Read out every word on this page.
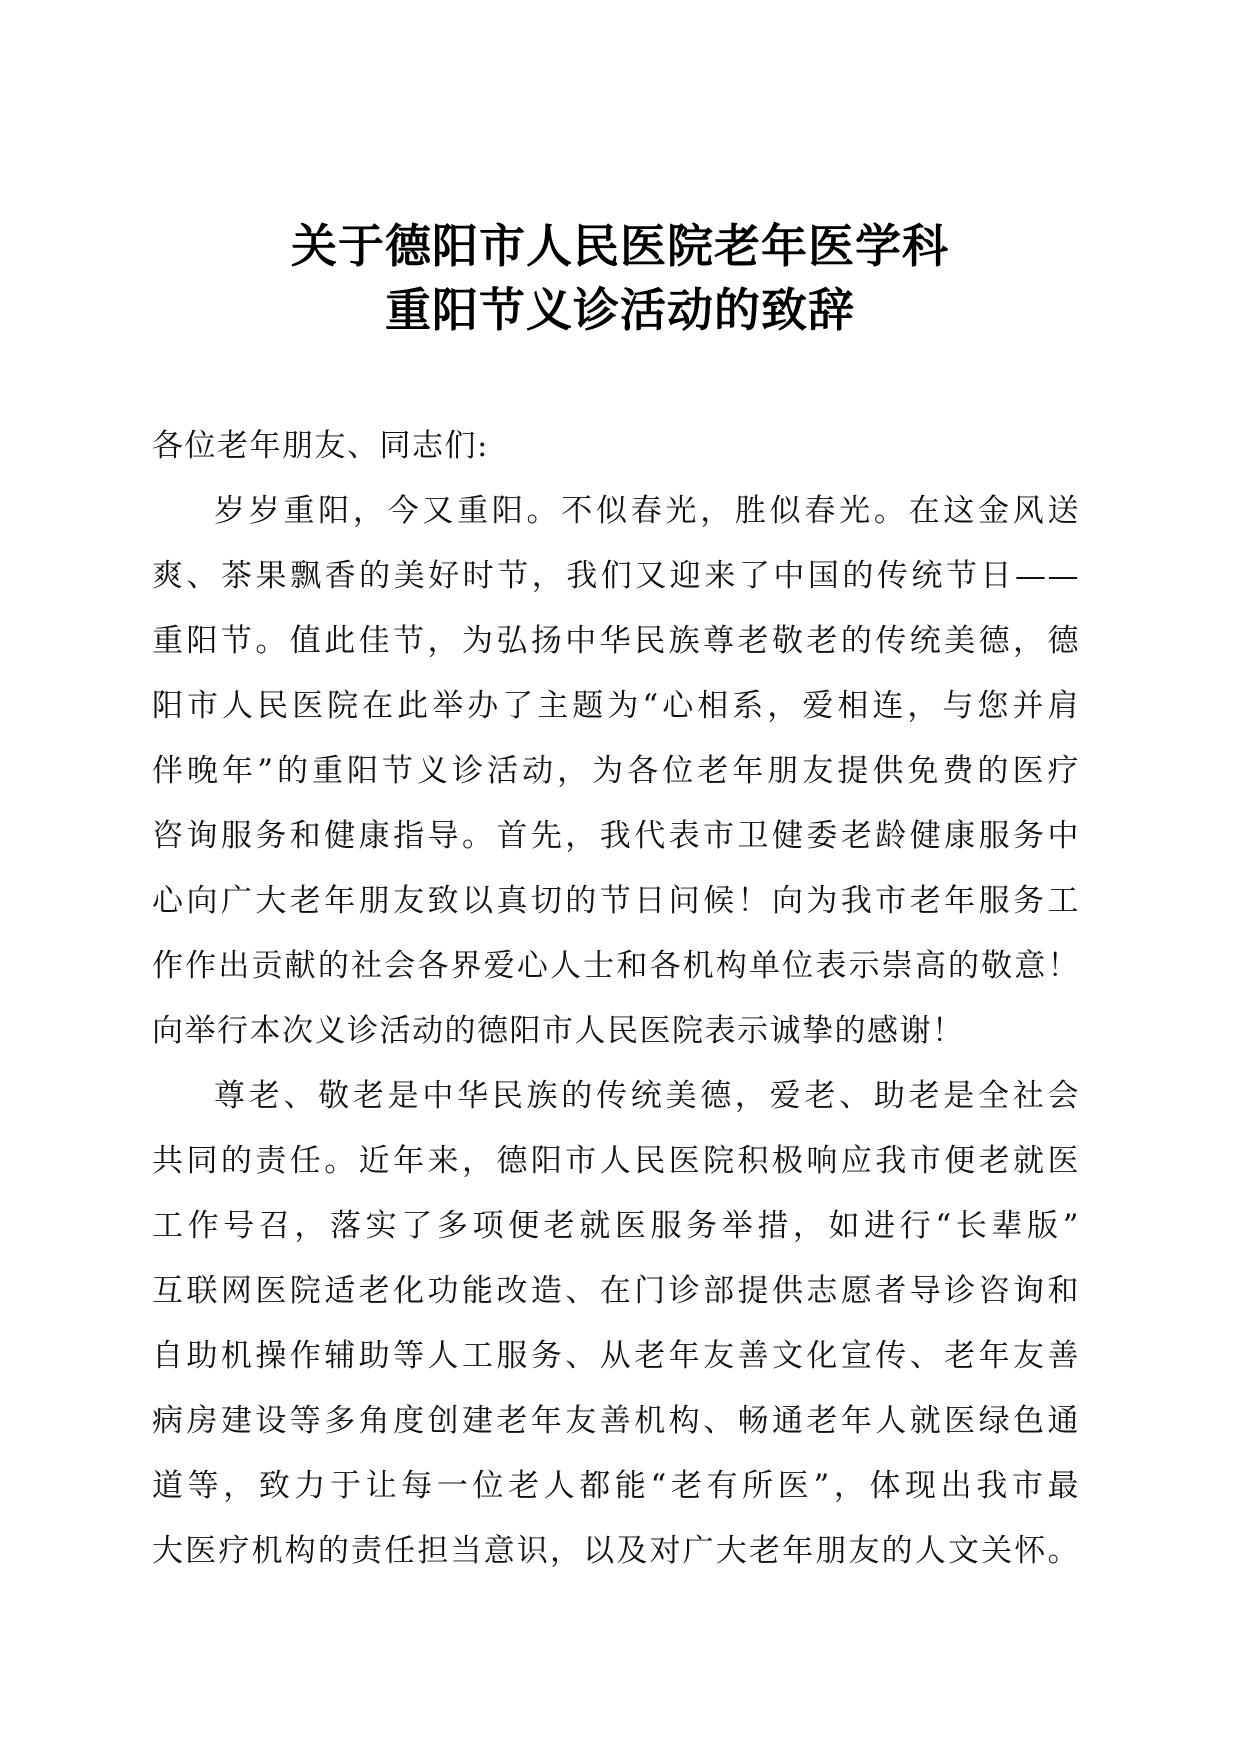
关于德阳市人民医院老年医学科
重阳节义诊活动的致辞
各位老年朋友、同志们:
岁岁重阳，今又重阳。不似春光，胜似春光。在这金风送
爽、茶果飘香的美好时节，我们又迎来了中国的传统节日——
重阳节。值此佳节，为弘扬中华民族尊老敬老的传统美德，德
阳市人民医院在此举办了主题为“心相系，爱相连，与您并肩
伴晚年”的重阳节义诊活动，为各位老年朋友提供免费的医疗
咨询服务和健康指导。首先，我代表市卫健委老龄健康服务中
心向广大老年朋友致以真切的节日问候！向为我市老年服务工
作作出贡献的社会各界爱心人士和各机构单位表示崇高的敬意！
向举行本次义诊活动的德阳市人民医院表示诚挚的感谢！
尊老、敬老是中华民族的传统美德，爱老、助老是全社会
共同的责任。近年来，德阳市人民医院积极响应我市便老就医
工作号召，落实了多项便老就医服务举措，如进行“长辈版”
互联网医院适老化功能改造、在门诊部提供志愿者导诊咨询和
自助机操作辅助等人工服务、从老年友善文化宣传、老年友善
病房建设等多角度创建老年友善机构、畅通老年人就医绿色通
道等，致力于让每一位老人都能“老有所医”，体现出我市最
大医疗机构的责任担当意识，以及对广大老年朋友的人文关怀。
